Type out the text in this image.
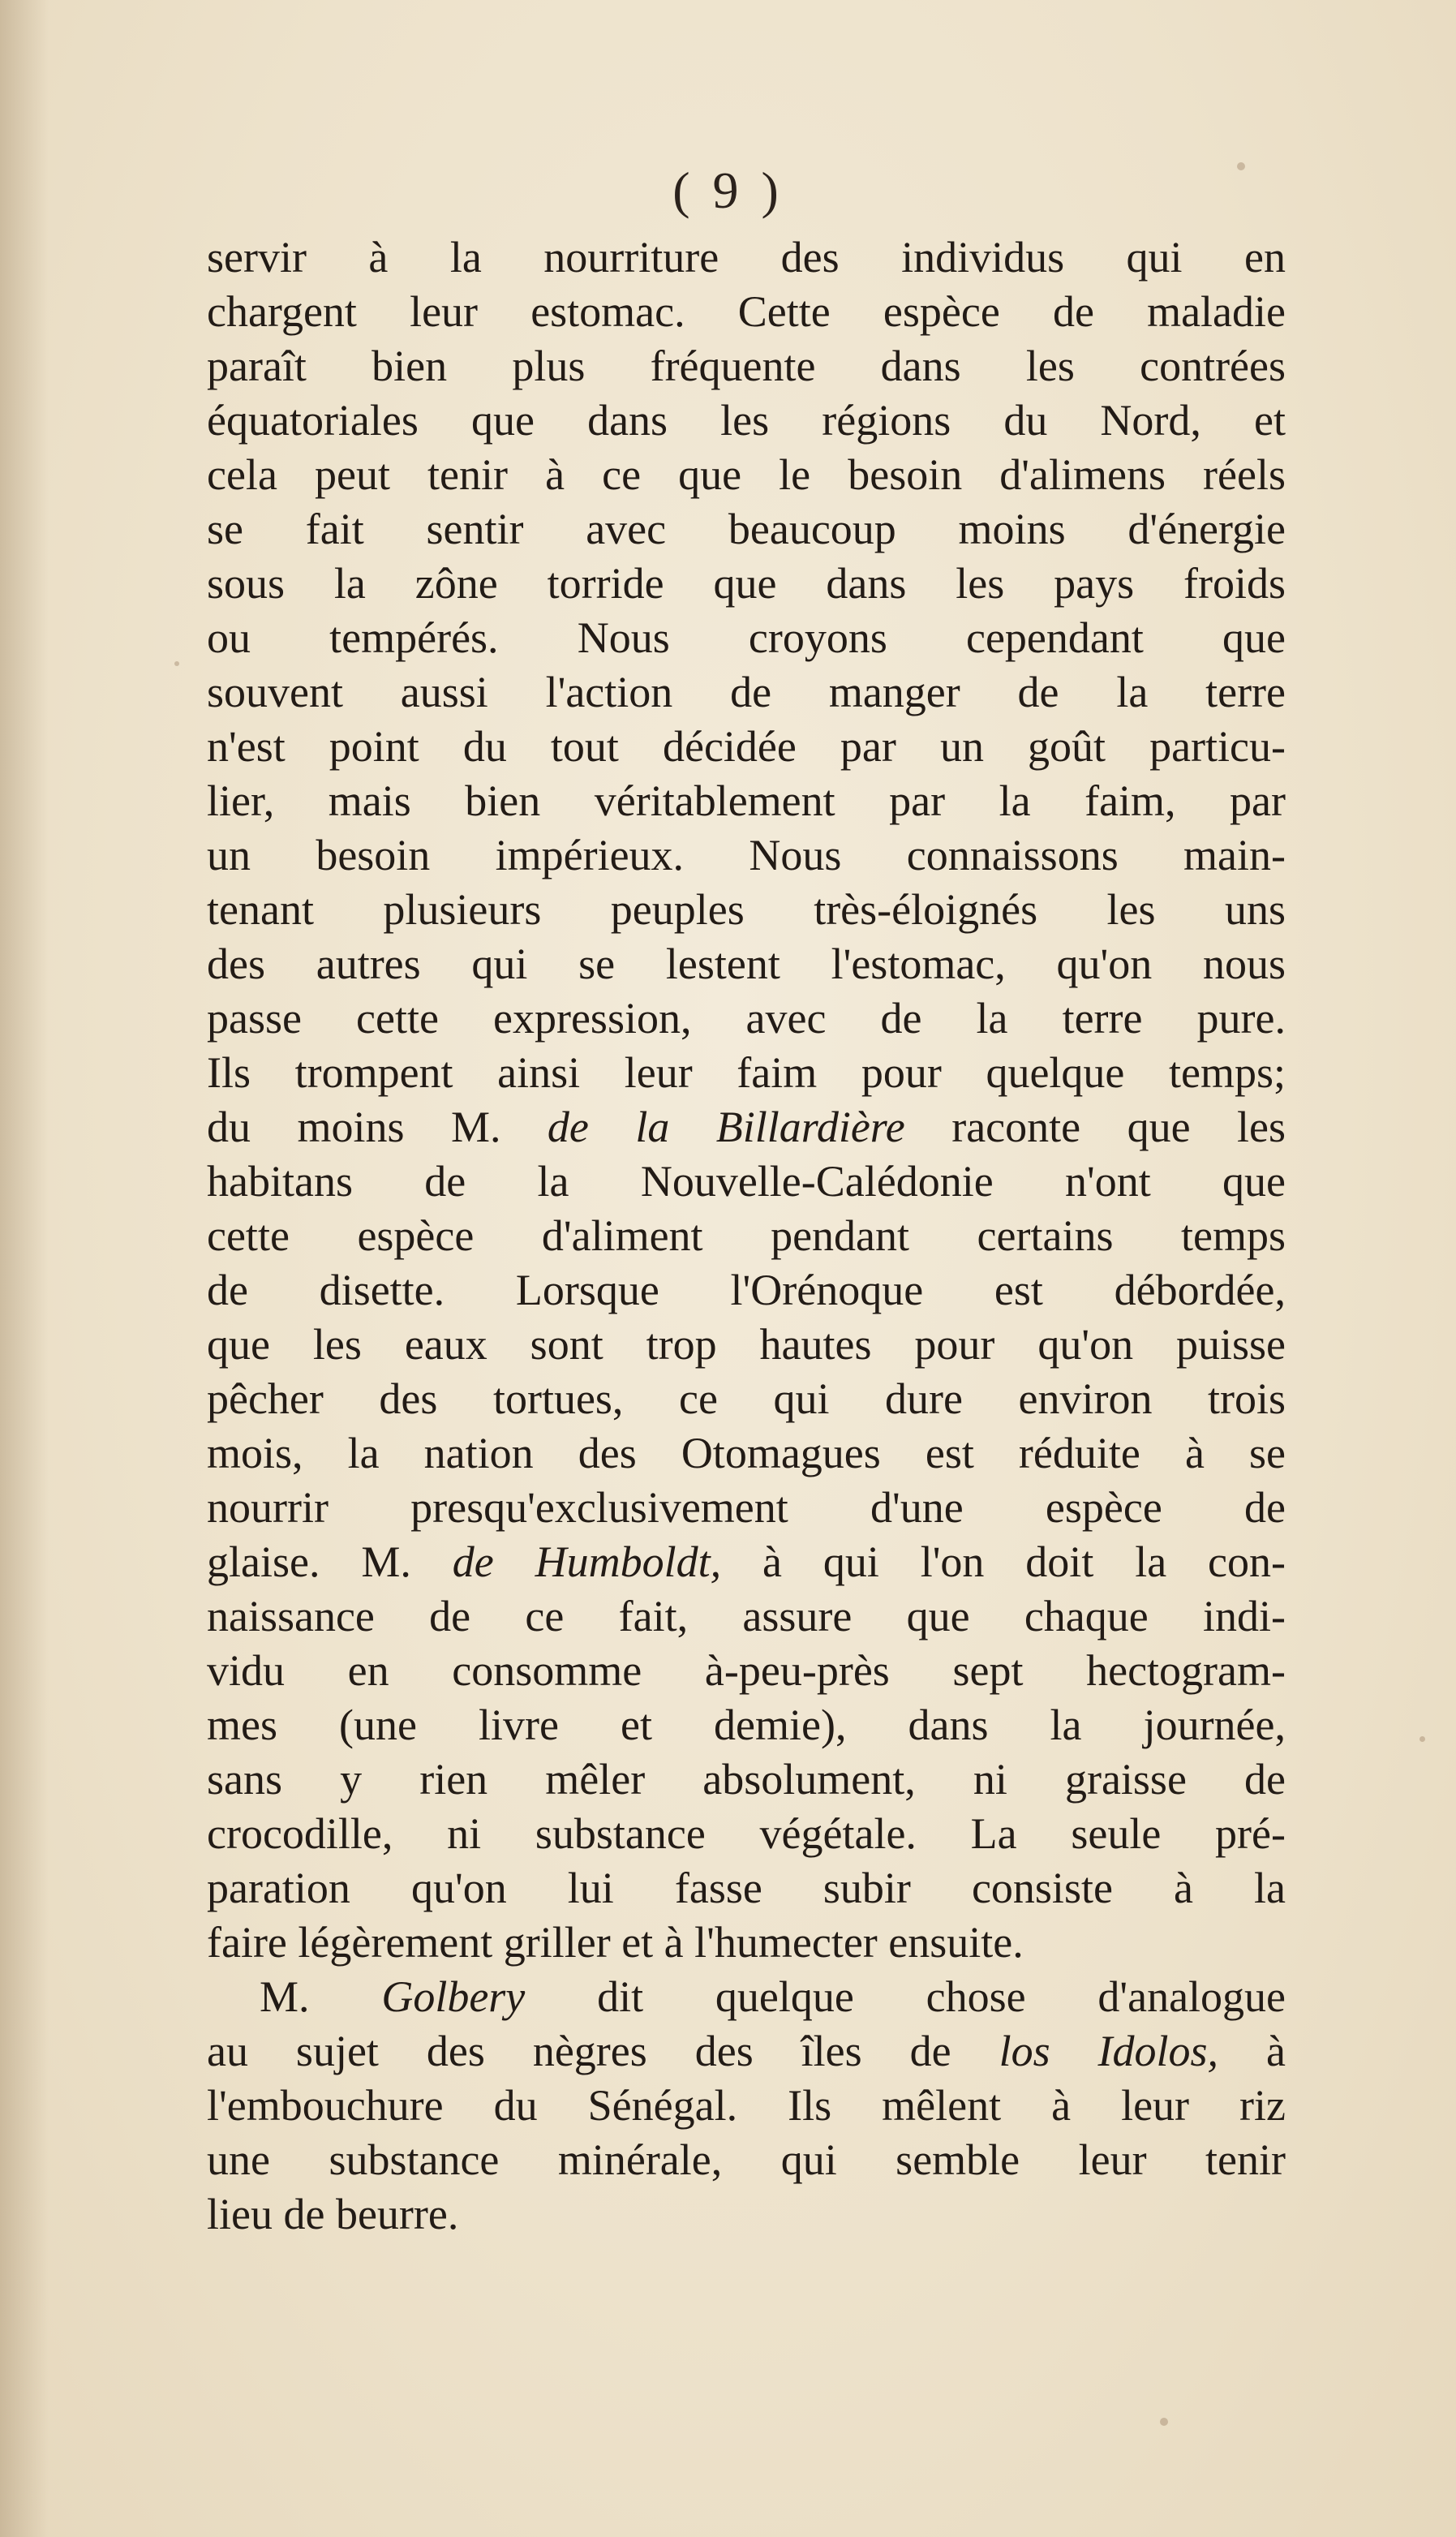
( 9 )
servir à la nourriture des individus qui en
chargent leur estomac. Cette espèce de maladie
paraît bien plus fréquente dans les contrées
équatoriales que dans les régions du Nord, et
cela peut tenir à ce que le besoin d'alimens réels
se fait sentir avec beaucoup moins d'énergie
sous la zône torride que dans les pays froids
ou tempérés. Nous croyons cependant que
souvent aussi l'action de manger de la terre
n'est point du tout décidée par un goût particu-
lier, mais bien véritablement par la faim, par
un besoin impérieux. Nous connaissons main-
tenant plusieurs peuples très-éloignés les uns
des autres qui se lestent l'estomac, qu'on nous
passe cette expression, avec de la terre pure.
Ils trompent ainsi leur faim pour quelque temps;
du moins M. de la Billardière raconte que les
habitans de la Nouvelle-Calédonie n'ont que
cette espèce d'aliment pendant certains temps
de disette. Lorsque l'Orénoque est débordée,
que les eaux sont trop hautes pour qu'on puisse
pêcher des tortues, ce qui dure environ trois
mois, la nation des Otomagues est réduite à se
nourrir presqu'exclusivement d'une espèce de
glaise. M. de Humboldt, à qui l'on doit la con-
naissance de ce fait, assure que chaque indi-
vidu en consomme à-peu-près sept hectogram-
mes (une livre et demie), dans la journée,
sans y rien mêler absolument, ni graisse de
crocodille, ni substance végétale. La seule pré-
paration qu'on lui fasse subir consiste à la
faire légèrement griller et à l'humecter ensuite.
M. Golbery dit quelque chose d'analogue
au sujet des nègres des îles de los Idolos, à
l'embouchure du Sénégal. Ils mêlent à leur riz
une substance minérale, qui semble leur tenir
lieu de beurre.
